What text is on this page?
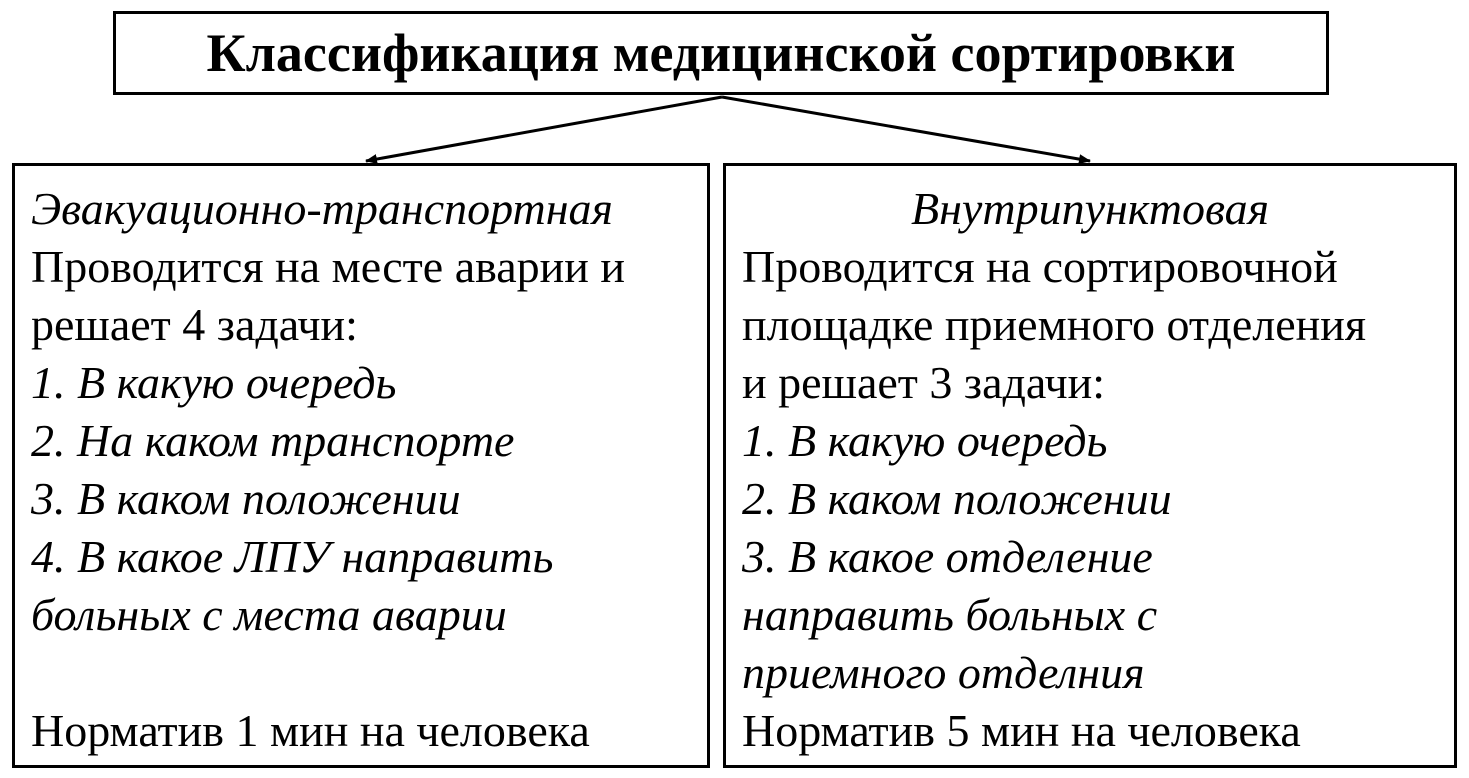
Классификация медицинской сортировки
Эвакуационно-транспортная
Проводится на месте аварии и
решает 4 задачи:
1. В какую очередь
2. На каком транспорте
3. В каком положении
4. В какое ЛПУ направить
больных с места аварии
Норматив 1 мин на человека
Внутрипунктовая
Проводится на сортировочной
площадке приемного отделения
и решает 3 задачи:
1. В какую очередь
2. В каком положении
3. В какое отделение
направить больных с
приемного отделния
Норматив 5 мин на человека
